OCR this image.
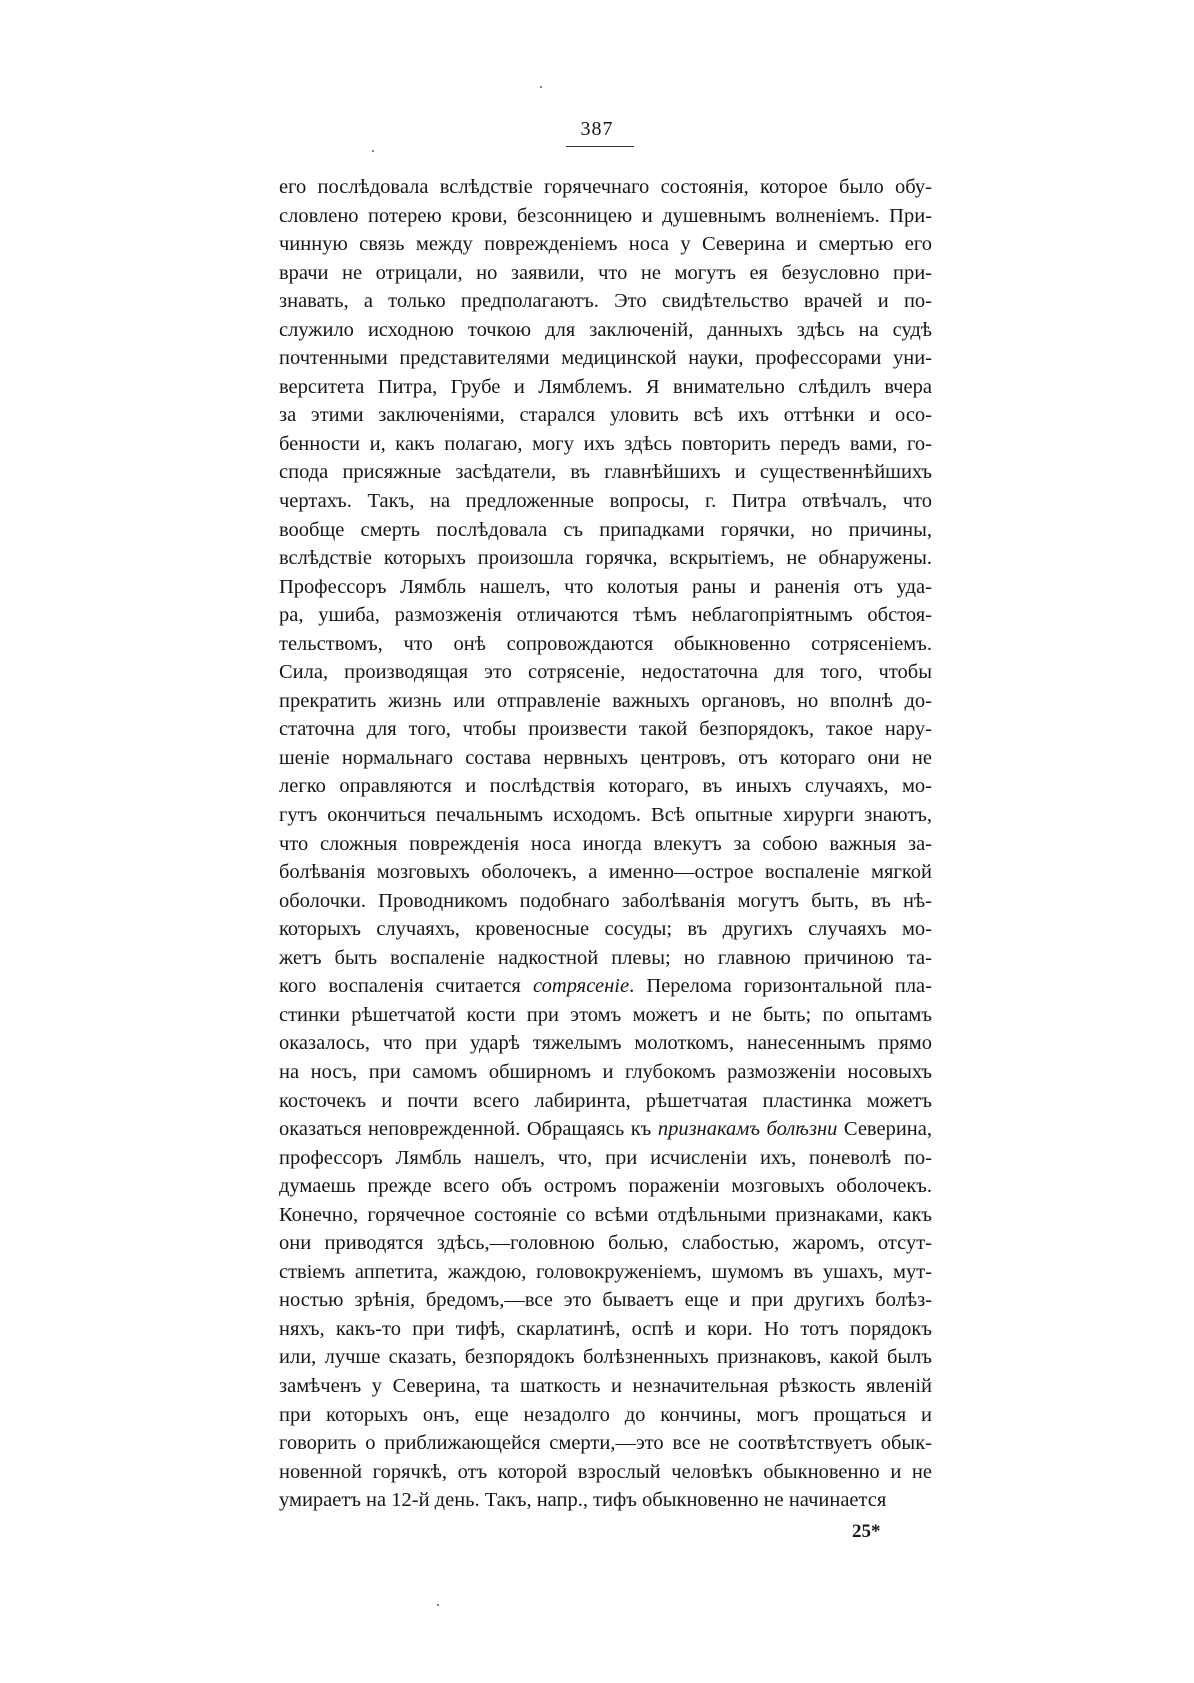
387
его послѣдовала вслѣдствіе горячечнаго состоянія, которое было обу-
словлено потерею крови, безсонницею и душевнымъ волненіемъ. При-
чинную связь между поврежденіемъ носа у Северина и смертью его
врачи не отрицали, но заявили, что не могутъ ея безусловно при-
знавать, а только предполагаютъ. Это свидѣтельство врачей и по-
служило исходною точкою для заключеній, данныхъ здѣсь на судѣ
почтенными представителями медицинской науки, профессорами уни-
верситета Питра, Грубе и Лямблемъ. Я внимательно слѣдилъ вчера
за этими заключеніями, старался уловить всѣ ихъ оттѣнки и осо-
бенности и, какъ полагаю, могу ихъ здѣсь повторить передъ вами, го-
спода присяжные засѣдатели, въ главнѣйшихъ и существеннѣйшихъ
чертахъ. Такъ, на предложенные вопросы, г. Питра отвѣчалъ, что
вообще смерть послѣдовала съ припадками горячки, но причины,
вслѣдствіе которыхъ произошла горячка, вскрытіемъ, не обнаружены.
Профессоръ Лямбль нашелъ, что колотыя раны и раненія отъ уда-
ра, ушиба, размозженія отличаются тѣмъ неблагопріятнымъ обстоя-
тельствомъ, что онѣ сопровождаются обыкновенно сотрясеніемъ.
Сила, производящая это сотрясеніе, недостаточна для того, чтобы
прекратить жизнь или отправленіе важныхъ органовъ, но вполнѣ до-
статочна для того, чтобы произвести такой безпорядокъ, такое нару-
шеніе нормальнаго состава нервныхъ центровъ, отъ котораго они не
легко оправляются и послѣдствія котораго, въ иныхъ случаяхъ, мо-
гутъ окончиться печальнымъ исходомъ. Всѣ опытные хирурги знаютъ,
что сложныя поврежденія носа иногда влекутъ за собою важныя за-
болѣванія мозговыхъ оболочекъ, а именно—острое воспаленіе мягкой
оболочки. Проводникомъ подобнаго заболѣванія могутъ быть, въ нѣ-
которыхъ случаяхъ, кровеносные сосуды; въ другихъ случаяхъ мо-
жетъ быть воспаленіе надкостной плевы; но главною причиною та-
кого воспаленія считается сотрясеніе. Перелома горизонтальной пла-
стинки рѣшетчатой кости при этомъ можетъ и не быть; по опытамъ
оказалось, что при ударѣ тяжелымъ молоткомъ, нанесеннымъ прямо
на носъ, при самомъ обширномъ и глубокомъ размозженіи носовыхъ
косточекъ и почти всего лабиринта, рѣшетчатая пластинка можетъ
оказаться неповрежденной. Обращаясь къ признакамъ болѣзни Северина,
профессоръ Лямбль нашелъ, что, при исчисленіи ихъ, поневолѣ по-
думаешь прежде всего объ остромъ пораженіи мозговыхъ оболочекъ.
Конечно, горячечное состояніе со всѣми отдѣльными признаками, какъ
они приводятся здѣсь,—головною болью, слабостью, жаромъ, отсут-
ствіемъ аппетита, жаждою, головокруженіемъ, шумомъ въ ушахъ, мут-
ностью зрѣнія, бредомъ,—все это бываетъ еще и при другихъ болѣз-
няхъ, какъ-то при тифѣ, скарлатинѣ, оспѣ и кори. Но тотъ порядокъ
или, лучше сказать, безпорядокъ болѣзненныхъ признаковъ, какой былъ
замѣченъ у Северина, та шаткость и незначительная рѣзкость явленій
при которыхъ онъ, еще незадолго до кончины, могъ прощаться и
говорить о приближающейся смерти,—это все не соотвѣтствуетъ обык-
новенной горячкѣ, отъ которой взрослый человѣкъ обыкновенно и не
умираетъ на 12-й день. Такъ, напр., тифъ обыкновенно не начинается
25*
